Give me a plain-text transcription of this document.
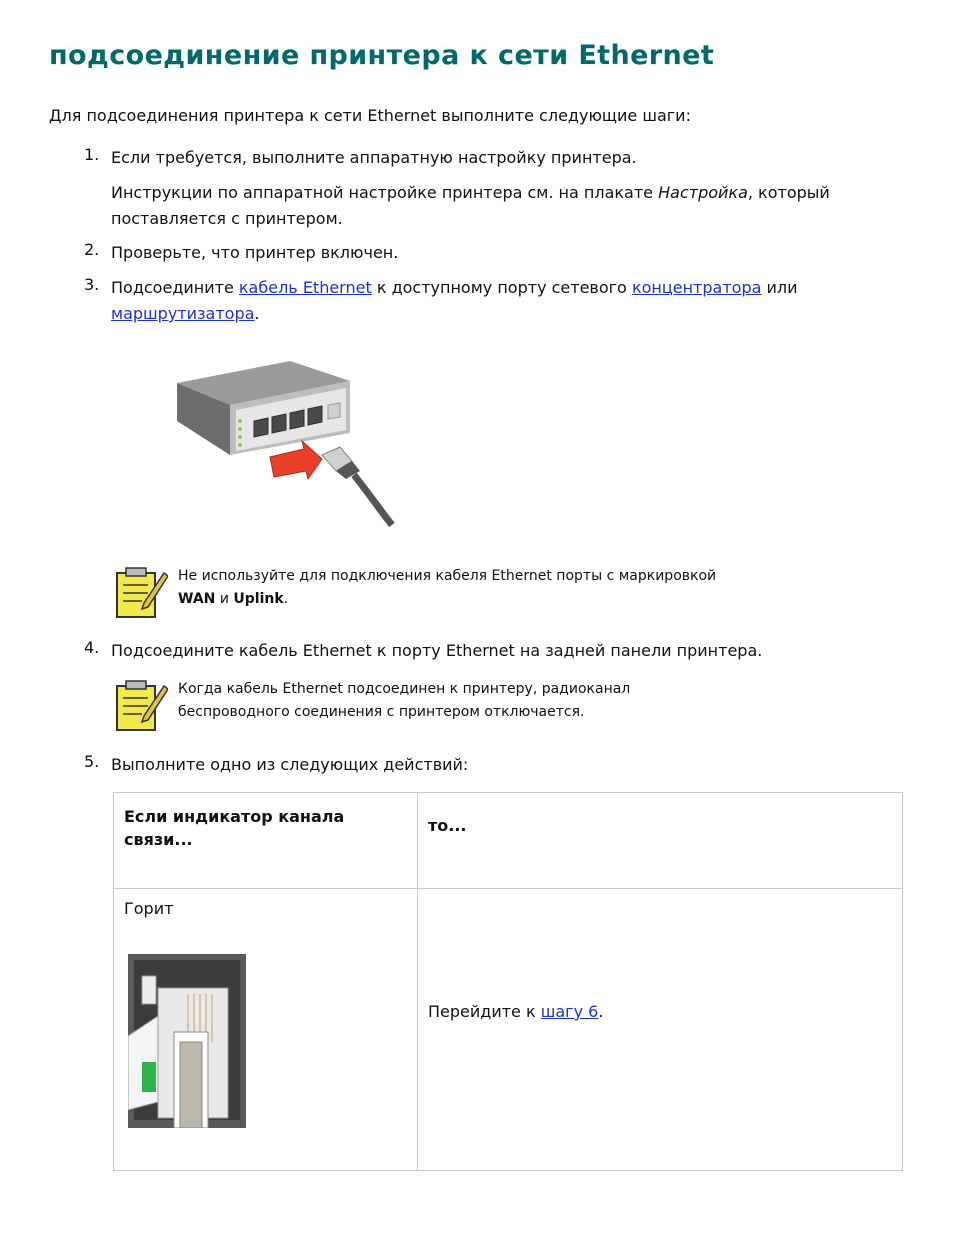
подсоединение принтера к сети Ethernet

Для подсоединения принтера к сети Ethernet выполните следующие шаги:

1. Если требуется, выполните аппаратную настройку принтера.
Инструкции по аппаратной настройке принтера см. на плакате Настройка, который
поставляется с принтером.
2. Проверьте, что принтер включен.
3. Подсоедините кабель Ethernet к доступному порту сетевого концентратора или
маршрутизатора.
Не используйте для подключения кабеля Ethernet порты с маркировкой
WAN и Uplink.
4. Подсоедините кабель Ethernet к порту Ethernet на задней панели принтера.
Когда кабель Ethernet подсоединен к принтеру, радиоканал
беспроводного соединения с принтером отключается.
5. Выполните одно из следующих действий:
Если индикатор канала
связи...	то...

Горит	Перейдите к шагу 6.
